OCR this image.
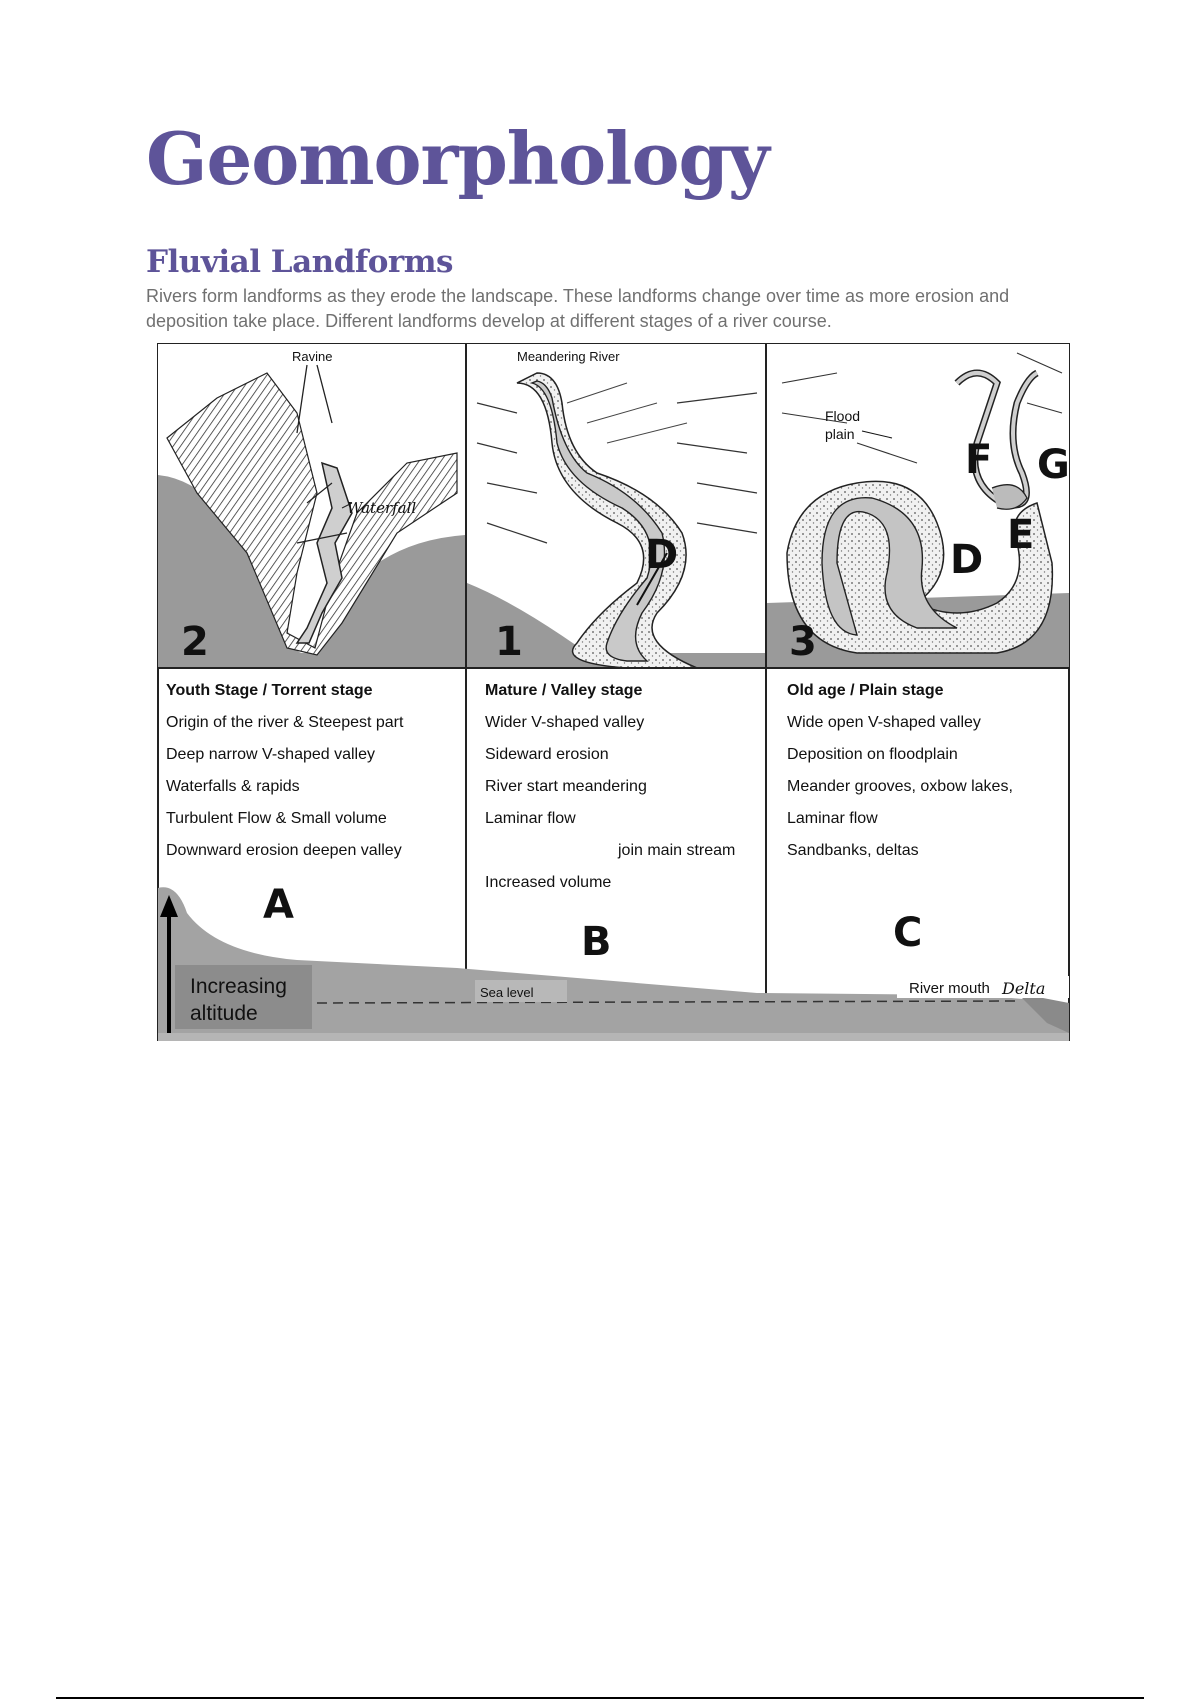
Geomorphology
Fluvial Landforms

Rivers form landforms as they erode the landscape. These landforms change over time as more erosion and deposition take place. Different landforms develop at different stages of a river course.

Ravine
Waterfall
2
Meandering River
D
1
Flood
plain
F G
E
D
3
Youth Stage / Torrent stage
Origin of the river & Steepest part
Deep narrow V-shaped valley
Waterfalls & rapids
Turbulent Flow & Small volume
Downward erosion deepen valley
Mature / Valley stage
Wider V-shaped valley
Sideward erosion
River start meandering
Laminar flow
join main stream
Increased volume
Old age / Plain stage
Wide open V-shaped valley
Deposition on floodplain
Meander grooves, oxbow lakes,
Laminar flow
Sandbanks, deltas
Increasing
altitude
Sea level	River mouth Delta
A
B	C
